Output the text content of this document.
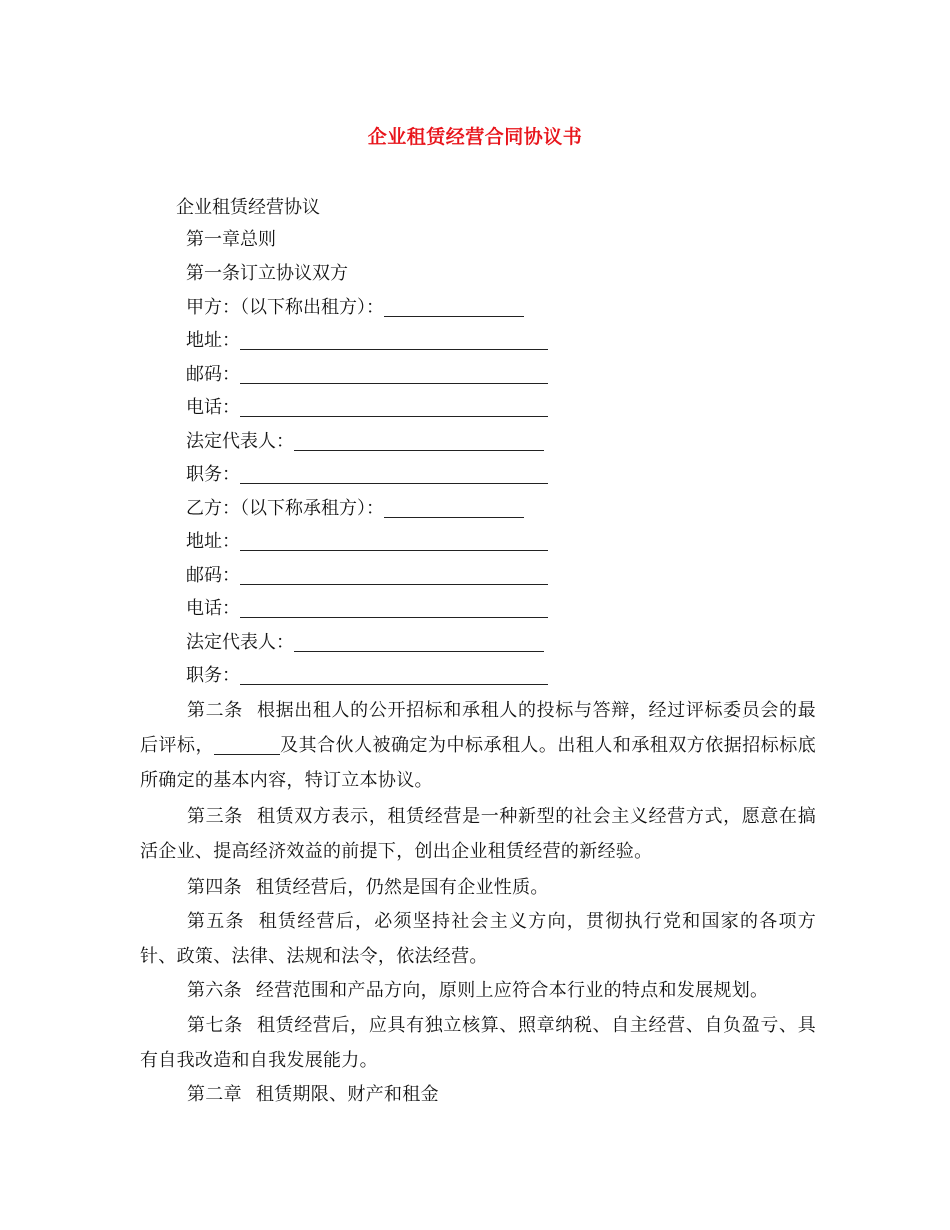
企业租赁经营合同协议书
企业租赁经营协议
第一章总则
第一条订立协议双方
甲方：（以下称出租方）：
地址：
邮码：
电话：
法定代表人：
职务：
乙方：（以下称承租方）：
地址：
邮码：
电话：
法定代表人：
职务：
第二条 根据出租人的公开招标和承租人的投标与答辩，经过评标委员会的最后评标，	及其合伙人被确定为中标承租人。出租人和承租双方依据招标标底所确定的基本内容，特订立本协议。
第三条 租赁双方表示，租赁经营是一种新型的社会主义经营方式，愿意在搞活企业、提高经济效益的前提下，创出企业租赁经营的新经验。
第四条 租赁经营后，仍然是国有企业性质。
第五条 租赁经营后，必须坚持社会主义方向，贯彻执行党和国家的各项方针、政策、法律、法规和法令，依法经营。
第六条 经营范围和产品方向，原则上应符合本行业的特点和发展规划。
第七条 租赁经营后，应具有独立核算、照章纳税、自主经营、自负盈亏、具有自我改造和自我发展能力。
第二章 租赁期限、财产和租金
